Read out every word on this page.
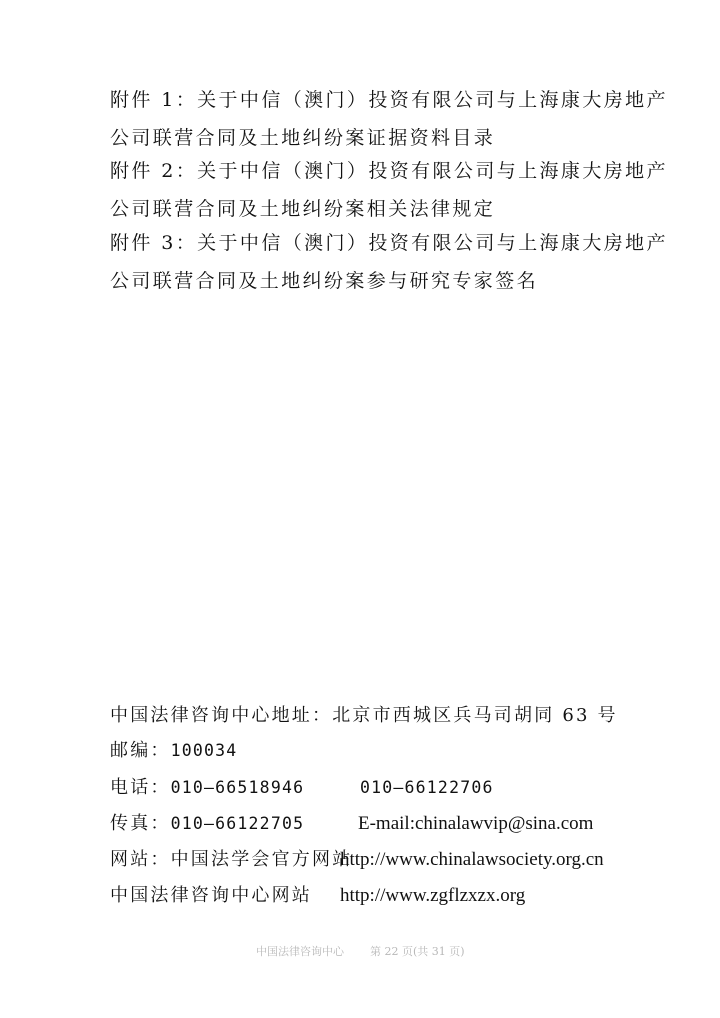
附件 1：关于中信（澳门）投资有限公司与上海康大房地产
公司联营合同及土地纠纷案证据资料目录
附件 2：关于中信（澳门）投资有限公司与上海康大房地产
公司联营合同及土地纠纷案相关法律规定
附件 3：关于中信（澳门）投资有限公司与上海康大房地产
公司联营合同及土地纠纷案参与研究专家签名
中国法律咨询中心地址：北京市西城区兵马司胡同 63 号
邮编：100034
电话：010—66518946	010—66122706
传真：010—66122705	E-mail:chinalawvip@sina.com
网站：中国法学会官方网站
http://www.chinalawsociety.org.cn
中国法律咨询中心网站 http://www.zgflzxzx.org
中国法律咨询中心 第 22 页(共 31 页)
